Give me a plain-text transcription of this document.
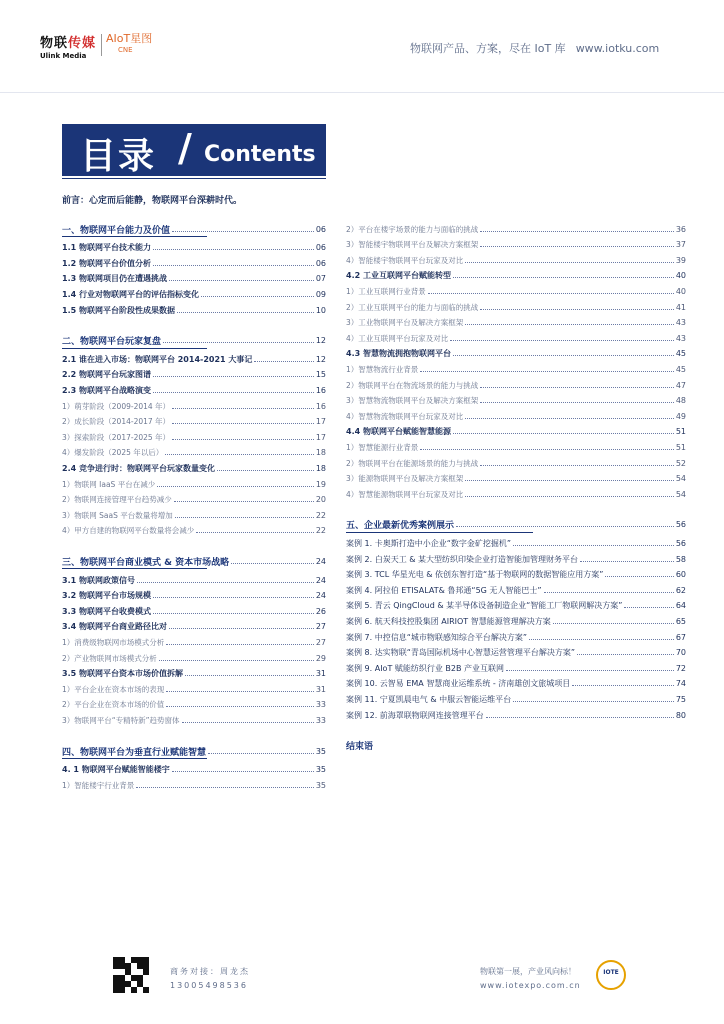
物联传媒
Ulink Media
AIoT星图
CNE	物联网产品、方案，尽在 IoT 库 www.iotku.com
目录 / Contents
前言：心定而后能静，物联网平台深耕时代。
一、物联网平台能力及价值	06
1.1 物联网平台技术能力	06
1.2 物联网平台价值分析	06
1.3 物联网项目仍在遭遇挑战	07
1.4 行业对物联网平台的评估指标变化	09
1.5 物联网平台阶段性成果数据	10
二、物联网平台玩家复盘	12
2.1 谁在进入市场：物联网平台 2014-2021 大事记	12
2.2 物联网平台玩家图谱	15
2.3 物联网平台战略演变	16
1）萌芽阶段（2009-2014 年）	16
2）成长阶段（2014-2017 年）	17
3）探索阶段（2017-2025 年）	17
4）爆发阶段（2025 年以后）	18
2.4 竞争进行时：物联网平台玩家数量变化	18
1）物联网 IaaS 平台在减少	19
2）物联网连接管理平台趋势减少	20
3）物联网 SaaS 平台数量将增加	22
4）甲方自建的物联网平台数量将会减少	22
三、物联网平台商业模式 & 资本市场战略	24
3.1 物联网政策信号	24
3.2 物联网平台市场规模	24
3.3 物联网平台收费模式	26
3.4 物联网平台商业路径比对	27
1）消费级物联网市场模式分析	27
2）产业物联网市场模式分析	29
3.5 物联网平台资本市场价值拆解	31
1）平台企业在资本市场的表现	31
2）平台企业在资本市场的价值	33
3）物联网平台“专精特新”趋势窗体	33
四、物联网平台为垂直行业赋能智慧	35
4. 1 物联网平台赋能智能楼宇	35
1）智能楼宇行业背景	35
2）平台在楼宇场景的能力与面临的挑战	36
3）智能楼宇物联网平台及解决方案框架	37
4）智能楼宇物联网平台玩家及对比	39
4.2 工业互联网平台赋能转型	40
1）工业互联网行业背景	40
2）工业互联网平台的能力与面临的挑战	41
3）工业物联网平台及解决方案框架	43
4）工业互联网平台玩家及对比	43
4.3 智慧物流拥抱物联网平台	45
1）智慧物流行业背景	45
2）物联网平台在物流场景的能力与挑战	47
3）智慧物流物联网平台及解决方案框架	48
4）智慧物流物联网平台玩家及对比	49
4.4 物联网平台赋能智慧能源	51
1）智慧能源行业背景	51
2）物联网平台在能源场景的能力与挑战	52
3）能源物联网平台及解决方案框架	54
4）智慧能源物联网平台玩家及对比	54
五、企业最新优秀案例展示	56
案例 1. 卡奥斯打造中小企业“数字金矿挖掘机”	56
案例 2. 白炭天工 & 某大型纺织印染企业打造智能加管理财务平台	58
案例 3. TCL 华星光电 & 依创东智打造“基于物联网的数据智能应用方案”	60
案例 4. 阿拉伯 ETISALAT& 鲁邦通“5G 无人智能巴士”	62
案例 5. 青云 QingCloud & 某半导体设备制造企业“智能工厂物联网解决方案”	64
案例 6. 航天科技控股集团 AIRIOT 智慧能源管理解决方案	65
案例 7. 中控信息“城市物联感知综合平台解决方案”	67
案例 8. 达实物联“青岛国际机场中心智慧运营管理平台解决方案”	70
案例 9. AIoT 赋能纺织行业 B2B 产业互联网	72
案例 10. 云智易 EMA 智慧商业运维系统 - 济南雄创文旅城项目	74
案例 11. 宁夏凯晨电气 & 中服云智能运维平台	75
案例 12. 前海罩联物联网连接管理平台	80
结束语
商务对接：周龙杰
13005498536
物联第一展，产业风向标！
www.iotexpo.com.cn
IOTE
